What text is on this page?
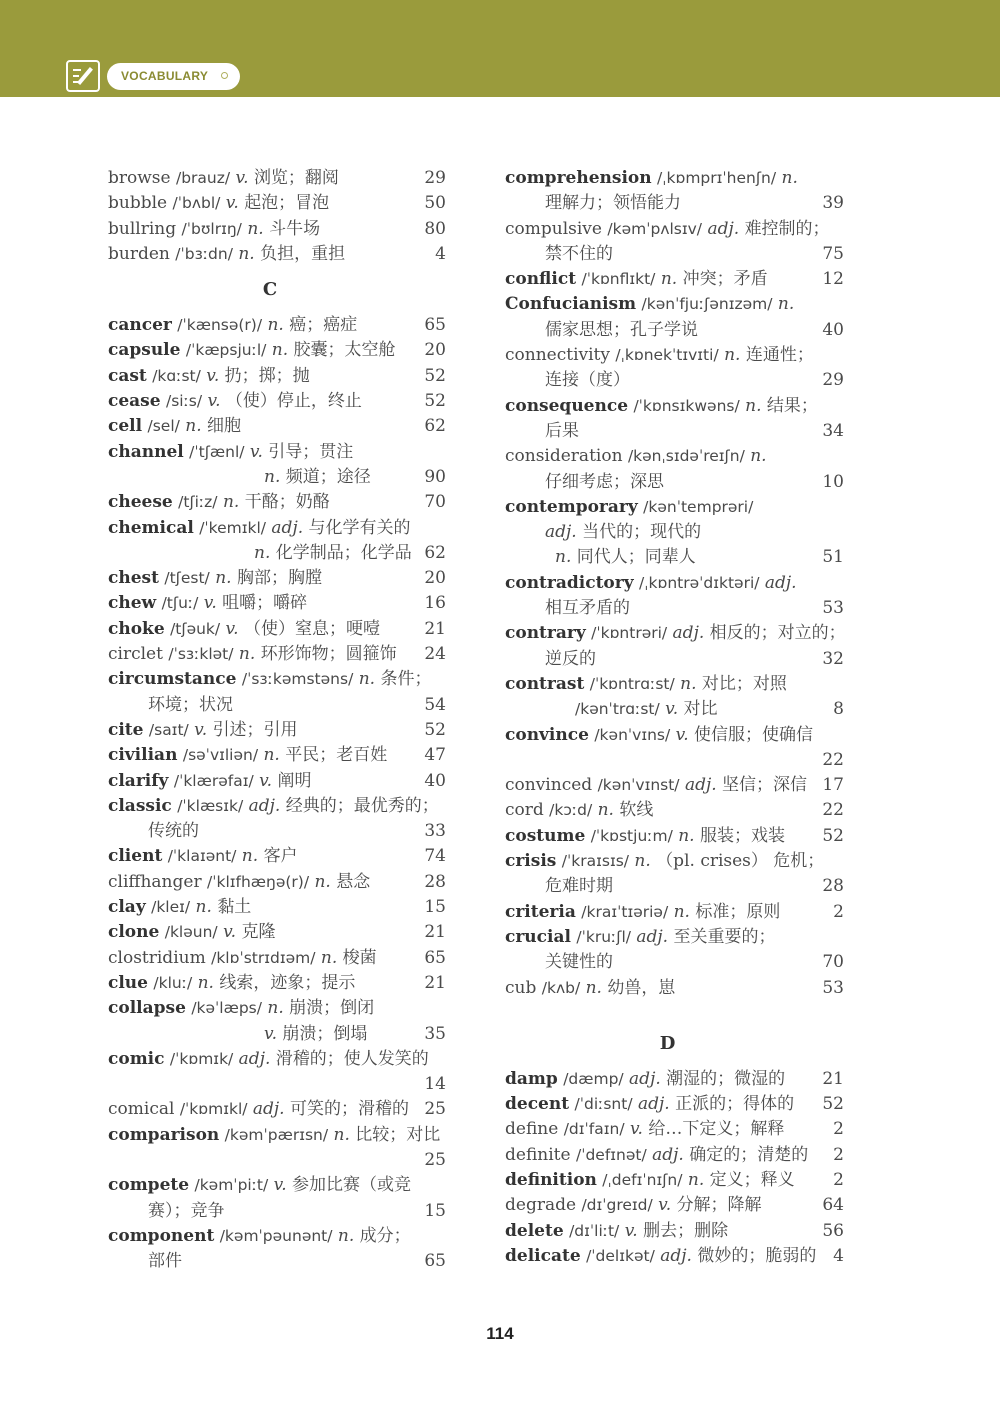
VOCABULARY
browse /brauz/ v. 浏览；翻阅	29
bubble /ˈbʌbl/ v. 起泡；冒泡	50
bullring /ˈbʊlrɪŋ/ n. 斗牛场	80
burden /ˈbɜːdn/ n. 负担，重担	4
C
cancer /ˈkænsə(r)/ n. 癌；癌症	65
capsule /ˈkæpsjuːl/ n. 胶囊；太空舱 20
cast /kɑːst/ v. 扔；掷；抛	52
cease /siːs/ v. （使）停止，终止	52
cell /sel/ n. 细胞	62
channel /ˈtʃænl/ v. 引导；贯注
n. 频道；途径	90
cheese /tʃiːz/ n. 干酪；奶酪	70
chemical /ˈkemɪkl/ adj. 与化学有关的
n. 化学制品；化学品 62
chest /tʃest/ n. 胸部；胸膛	20
chew /tʃuː/ v. 咀嚼；嚼碎	16
choke /tʃəuk/ v. （使）窒息；哽噎	21
circlet /ˈsɜːklət/ n. 环形饰物；圆箍饰 24
circumstance /ˈsɜːkəmstəns/ n. 条件；
环境；状况	54
cite /saɪt/ v. 引述；引用	52
civilian /səˈvɪliən/ n. 平民；老百姓 47
clarify /ˈklærəfaɪ/ v. 阐明	40
classic /ˈklæsɪk/ adj. 经典的；最优秀的；
传统的	33
client /ˈklaɪənt/ n. 客户	74
cliffhanger /ˈklɪfhæŋə(r)/ n. 悬念	28
clay /kleɪ/ n. 黏土	15
clone /kləun/ v. 克隆	21
clostridium /klɒˈstrɪdɪəm/ n. 梭菌	65
clue /kluː/ n. 线索，迹象；提示	21
collapse /kəˈlæps/ n. 崩溃；倒闭
v. 崩溃；倒塌	35
comic /ˈkɒmɪk/ adj. 滑稽的；使人发笑的
14
comical /ˈkɒmɪkl/ adj. 可笑的；滑稽的 25
comparison /kəmˈpærɪsn/ n. 比较；对比
25
compete /kəmˈpiːt/ v. 参加比赛（或竞
赛）；竞争	15
component /kəmˈpəunənt/ n. 成分；
部件	65
comprehension /ˌkɒmprɪˈhenʃn/ n.
理解力；领悟能力	39
compulsive /kəmˈpʌlsɪv/ adj. 难控制的；
禁不住的	75
conflict /ˈkɒnflɪkt/ n. 冲突；矛盾	12
Confucianism /kənˈfjuːʃənɪzəm/ n.
儒家思想；孔子学说	40
connectivity /ˌkɒnekˈtɪvɪti/ n. 连通性；
连接（度）	29
consequence /ˈkɒnsɪkwəns/ n. 结果；
后果	34
consideration /kənˌsɪdəˈreɪʃn/ n.
仔细考虑；深思	10
contemporary /kənˈtemprəri/
adj. 当代的；现代的
n. 同代人；同辈人	51
contradictory /ˌkɒntrəˈdɪktəri/ adj.
相互矛盾的	53
contrary /ˈkɒntrəri/ adj. 相反的；对立的；
逆反的	32
contrast /ˈkɒntrɑːst/ n. 对比；对照
/kənˈtrɑːst/ v. 对比	8
convince /kənˈvɪns/ v. 使信服；使确信
22
convinced /kənˈvɪnst/ adj. 坚信；深信 17
cord /kɔːd/ n. 软线	22
costume /ˈkɒstjuːm/ n. 服装；戏装 52
crisis /ˈkraɪsɪs/ n. （pl. crises） 危机；
危难时期	28
criteria /kraɪˈtɪəriə/ n. 标准；原则	2
crucial /ˈkruːʃl/ adj. 至关重要的；
关键性的	70
cub /kʌb/ n. 幼兽，崽	53
D
damp /dæmp/ adj. 潮湿的；微湿的 21
decent /ˈdiːsnt/ adj. 正派的；得体的 52
define /dɪˈfaɪn/ v. 给…下定义；解释	2
definite /ˈdefɪnət/ adj. 确定的；清楚的 2
definition /ˌdefɪˈnɪʃn/ n. 定义；释义 2
degrade /dɪˈgreɪd/ v. 分解；降解	64
delete /dɪˈliːt/ v. 删去；删除	56
delicate /ˈdelɪkət/ adj. 微妙的；脆弱的 4
114
